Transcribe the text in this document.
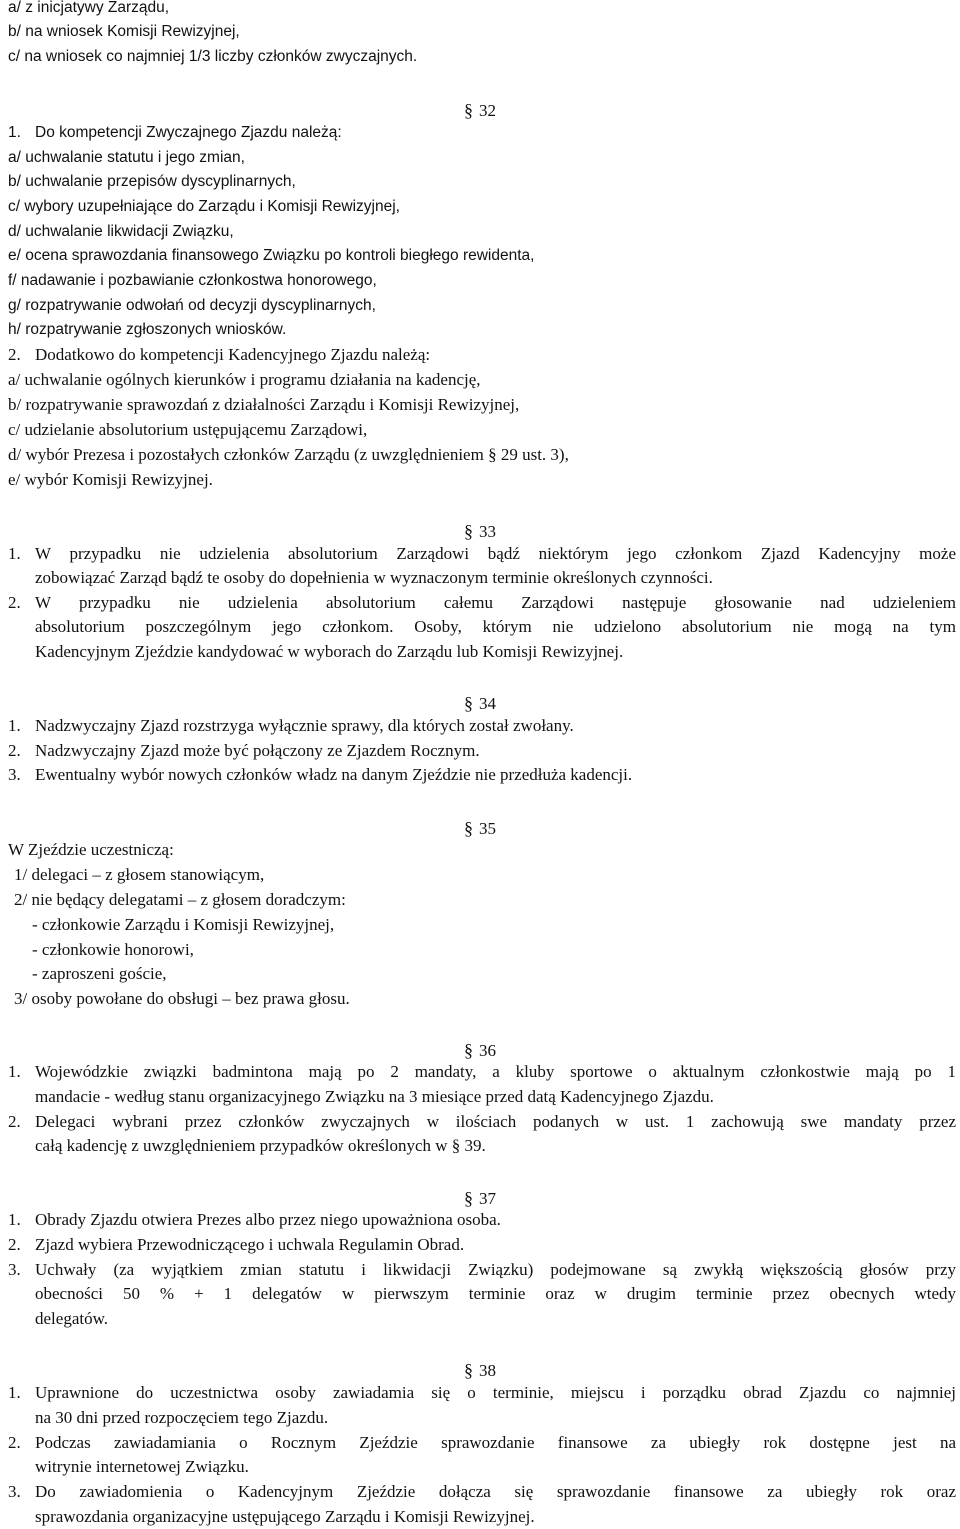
a/ z inicjatywy Zarządu,
b/ na wniosek Komisji Rewizyjnej,
c/ na wniosek co najmniej 1/3 liczby członków zwyczajnych.
§ 32
1. Do kompetencji Zwyczajnego Zjazdu należą:
a/ uchwalanie statutu i jego zmian,
b/ uchwalanie przepisów dyscyplinarnych,
c/ wybory uzupełniające do Zarządu i Komisji Rewizyjnej,
d/ uchwalanie likwidacji Związku,
e/ ocena sprawozdania finansowego Związku po kontroli biegłego rewidenta,
f/ nadawanie i pozbawianie członkostwa honorowego,
g/ rozpatrywanie odwołań od decyzji dyscyplinarnych,
h/ rozpatrywanie zgłoszonych wniosków.
2. Dodatkowo do kompetencji Kadencyjnego Zjazdu należą:
a/ uchwalanie ogólnych kierunków i programu działania na kadencję,
b/ rozpatrywanie sprawozdań z działalności Zarządu i Komisji Rewizyjnej,
c/ udzielanie absolutorium ustępującemu Zarządowi,
d/ wybór Prezesa i pozostałych członków Zarządu (z uwzględnieniem § 29 ust. 3),
e/ wybór Komisji Rewizyjnej.
§ 33
1. W przypadku nie udzielenia absolutorium Zarządowi bądź niektórym jego członkom Zjazd Kadencyjny może
zobowiązać Zarząd bądź te osoby do dopełnienia w wyznaczonym terminie określonych czynności.
2. W przypadku nie udzielenia absolutorium całemu Zarządowi następuje głosowanie nad udzieleniem
absolutorium poszczególnym jego członkom. Osoby, którym nie udzielono absolutorium nie mogą na tym
Kadencyjnym Zjeździe kandydować w wyborach do Zarządu lub Komisji Rewizyjnej.
§ 34
1. Nadzwyczajny Zjazd rozstrzyga wyłącznie sprawy, dla których został zwołany.
2. Nadzwyczajny Zjazd może być połączony ze Zjazdem Rocznym.
3. Ewentualny wybór nowych członków władz na danym Zjeździe nie przedłuża kadencji.
§ 35
W Zjeździe uczestniczą:
1/ delegaci – z głosem stanowiącym,
2/ nie będący delegatami – z głosem doradczym:
- członkowie Zarządu i Komisji Rewizyjnej,
- członkowie honorowi,
- zaproszeni goście,
3/ osoby powołane do obsługi – bez prawa głosu.
§ 36
1. Wojewódzkie związki badmintona mają po 2 mandaty, a kluby sportowe o aktualnym członkostwie mają po 1
mandacie - według stanu organizacyjnego Związku na 3 miesiące przed datą Kadencyjnego Zjazdu.
2. Delegaci wybrani przez członków zwyczajnych w ilościach podanych w ust. 1 zachowują swe mandaty przez
całą kadencję z uwzględnieniem przypadków określonych w § 39.
§ 37
1. Obrady Zjazdu otwiera Prezes albo przez niego upoważniona osoba.
2. Zjazd wybiera Przewodniczącego i uchwala Regulamin Obrad.
3. Uchwały (za wyjątkiem zmian statutu i likwidacji Związku) podejmowane są zwykłą większością głosów przy
obecności 50 % + 1 delegatów w pierwszym terminie oraz w drugim terminie przez obecnych wtedy
delegatów.
§ 38
1. Uprawnione do uczestnictwa osoby zawiadamia się o terminie, miejscu i porządku obrad Zjazdu co najmniej
na 30 dni przed rozpoczęciem tego Zjazdu.
2. Podczas zawiadamiania o Rocznym Zjeździe sprawozdanie finansowe za ubiegły rok dostępne jest na
witrynie internetowej Związku.
3. Do zawiadomienia o Kadencyjnym Zjeździe dołącza się sprawozdanie finansowe za ubiegły rok oraz
sprawozdania organizacyjne ustępującego Zarządu i Komisji Rewizyjnej.
